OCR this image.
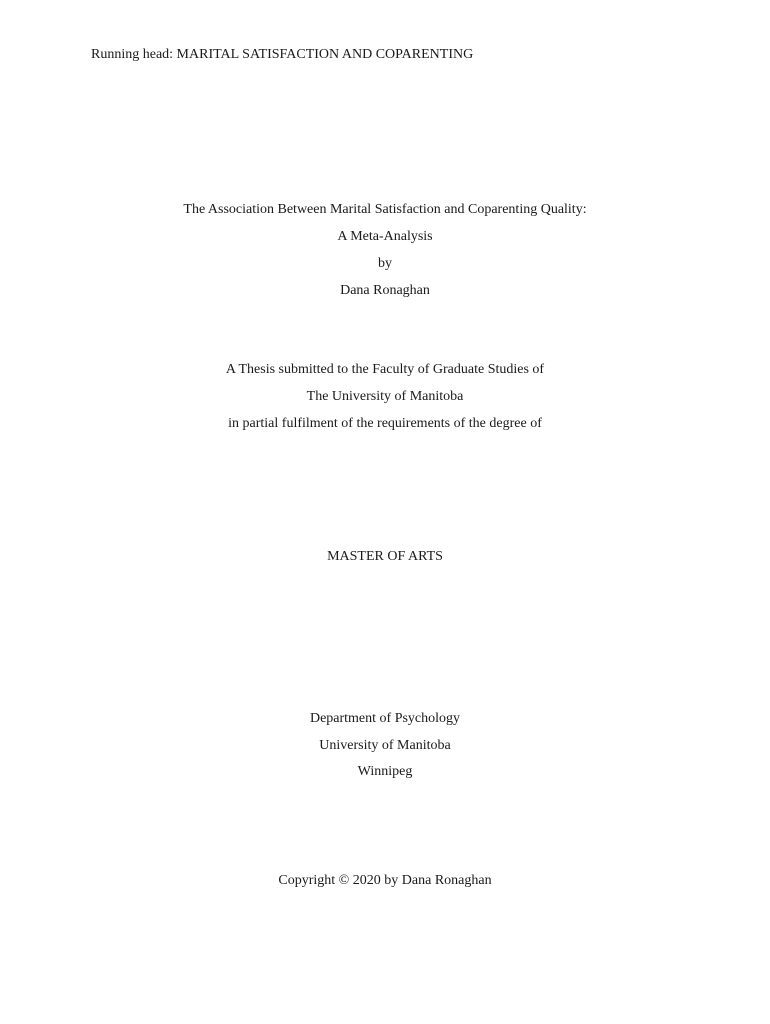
Running head: MARITAL SATISFACTION AND COPARENTING
The Association Between Marital Satisfaction and Coparenting Quality:
A Meta-Analysis
by
Dana Ronaghan
A Thesis submitted to the Faculty of Graduate Studies of
The University of Manitoba
in partial fulfilment of the requirements of the degree of
MASTER OF ARTS
Department of Psychology
University of Manitoba
Winnipeg
Copyright © 2020 by Dana Ronaghan
